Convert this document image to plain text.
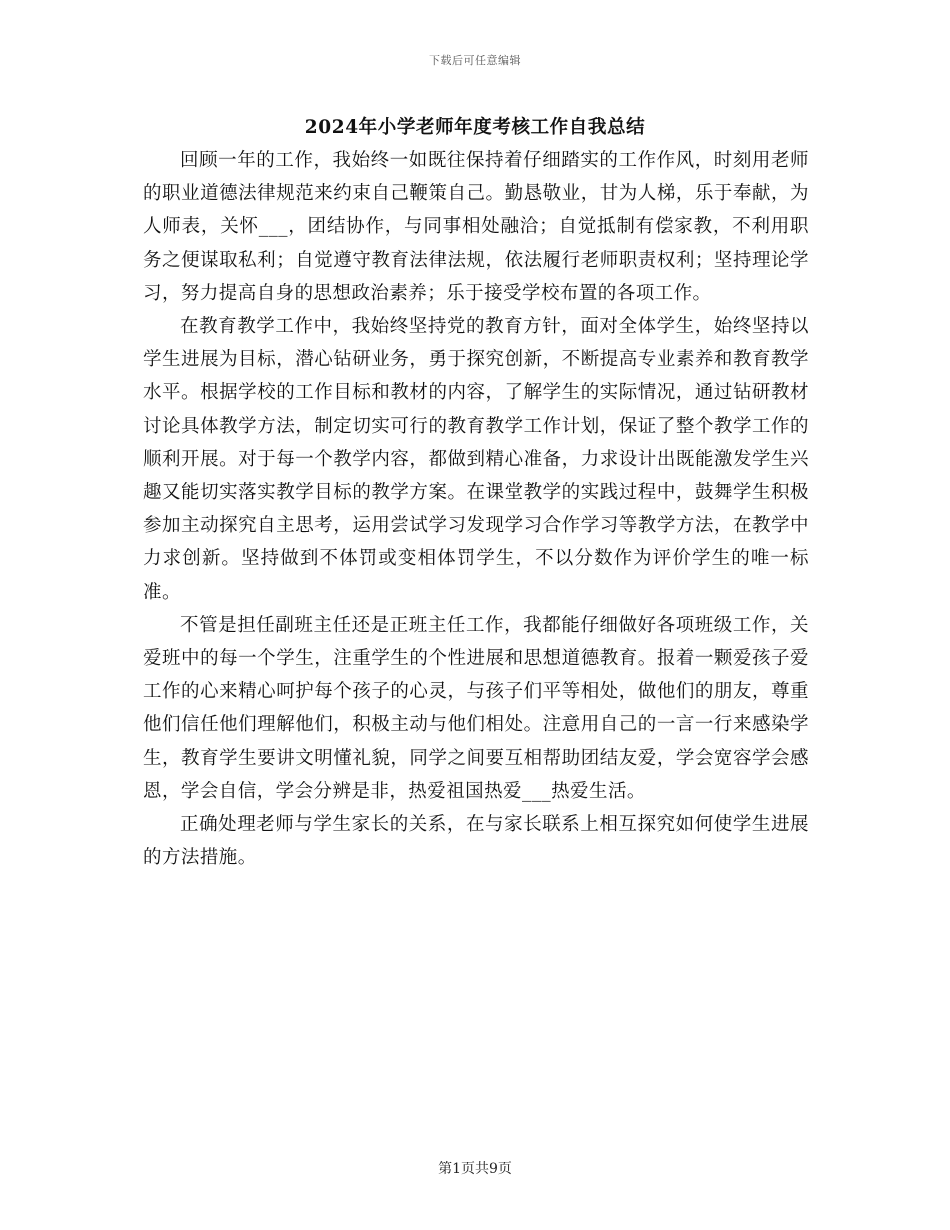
下载后可任意编辑
2024年小学老师年度考核工作自我总结

回顾一年的工作，我始终一如既往保持着仔细踏实的工作作风，时刻用老师的职业道德法律规范来约束自己鞭策自己。勤恳敬业，甘为人梯，乐于奉献，为人师表，关怀___，团结协作，与同事相处融洽；自觉抵制有偿家教，不利用职务之便谋取私利；自觉遵守教育法律法规，依法履行老师职责权利；坚持理论学习，努力提高自身的思想政治素养；乐于接受学校布置的各项工作。

在教育教学工作中，我始终坚持党的教育方针，面对全体学生，始终坚持以学生进展为目标，潜心钻研业务，勇于探究创新，不断提高专业素养和教育教学水平。根据学校的工作目标和教材的内容，了解学生的实际情况，通过钻研教材讨论具体教学方法，制定切实可行的教育教学工作计划，保证了整个教学工作的顺利开展。对于每一个教学内容，都做到精心准备，力求设计出既能激发学生兴趣又能切实落实教学目标的教学方案。在课堂教学的实践过程中，鼓舞学生积极参加主动探究自主思考，运用尝试学习发现学习合作学习等教学方法，在教学中力求创新。坚持做到不体罚或变相体罚学生，不以分数作为评价学生的唯一标准。

不管是担任副班主任还是正班主任工作，我都能仔细做好各项班级工作，关爱班中的每一个学生，注重学生的个性进展和思想道德教育。报着一颗爱孩子爱工作的心来精心呵护每个孩子的心灵，与孩子们平等相处，做他们的朋友，尊重他们信任他们理解他们，积极主动与他们相处。注意用自己的一言一行来感染学生，教育学生要讲文明懂礼貌，同学之间要互相帮助团结友爱，学会宽容学会感恩，学会自信，学会分辨是非，热爱祖国热爱___热爱生活。

正确处理老师与学生家长的关系，在与家长联系上相互探究如何使学生进展的方法措施。

第1页共9页
